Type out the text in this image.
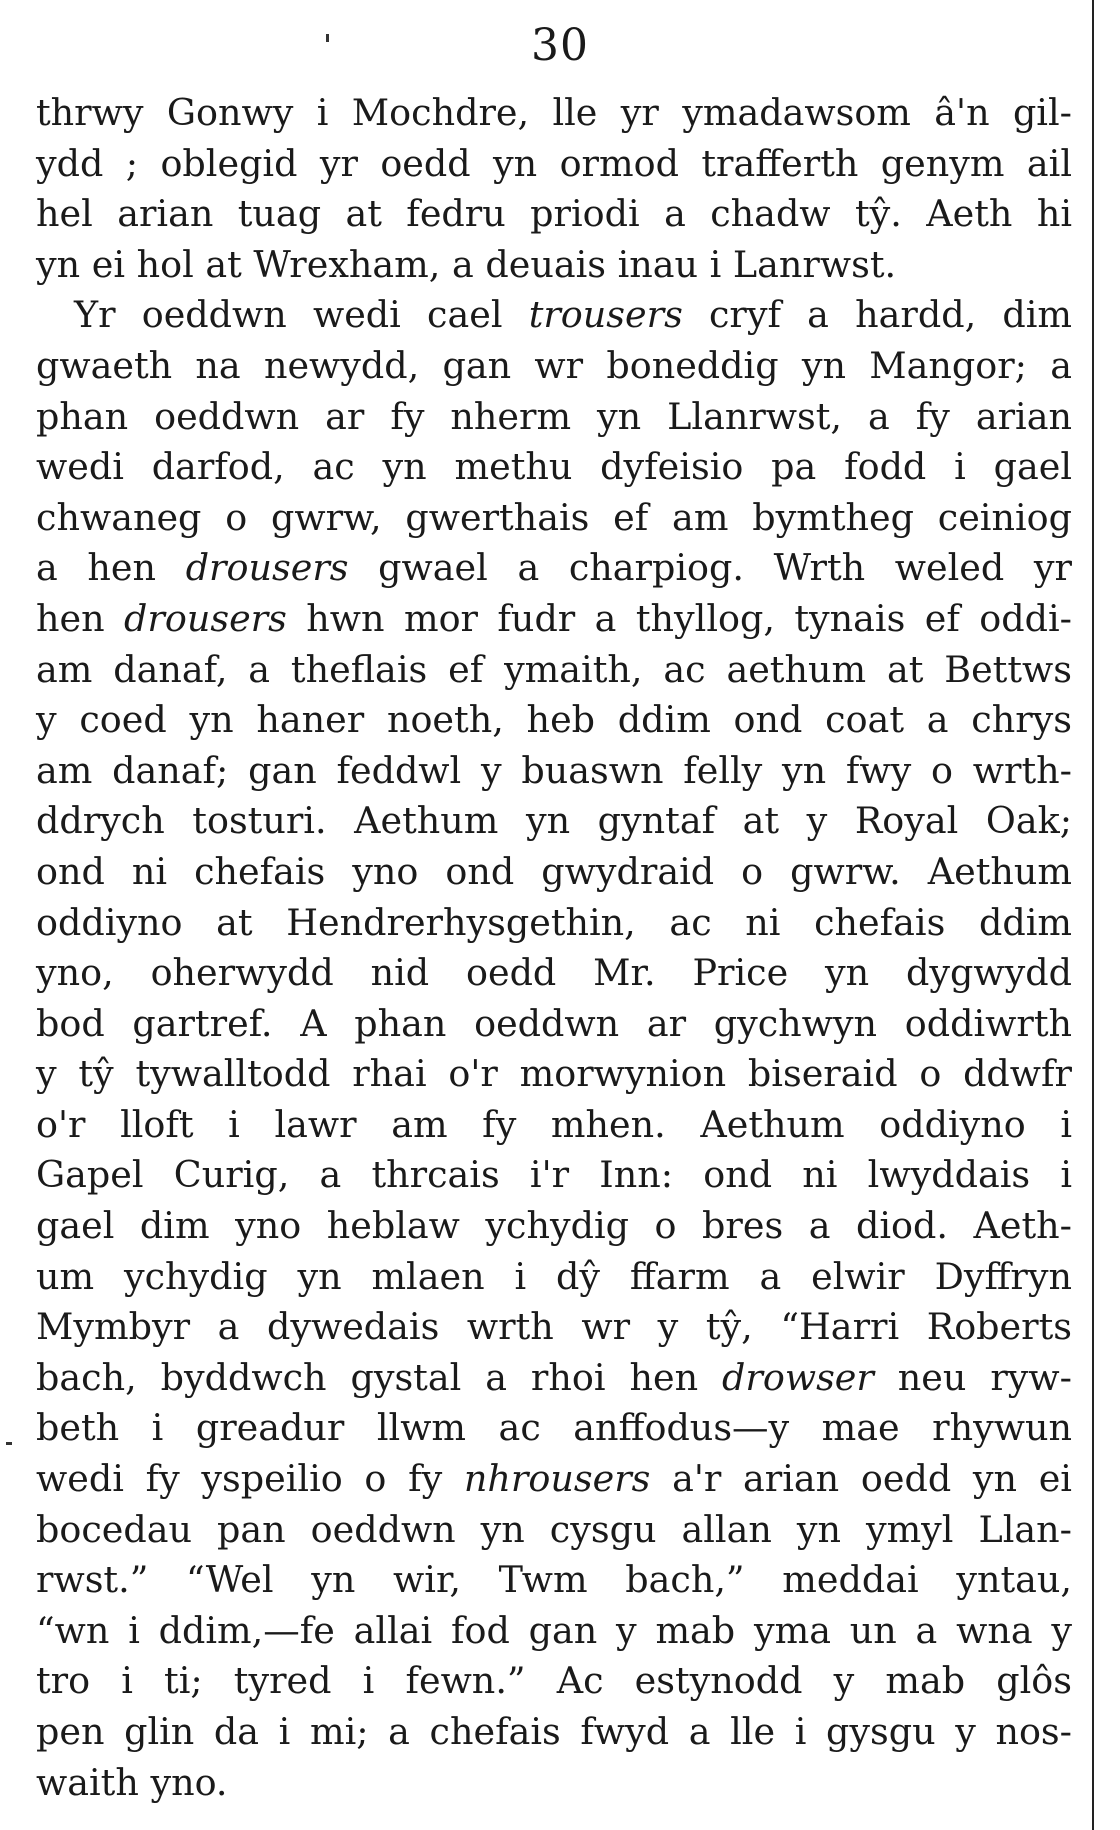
30
thrwy Gonwy i Mochdre, lle yr ymadawsom â'n gil-
ydd ; oblegid yr oedd yn ormod trafferth genym ail
hel arian tuag at fedru priodi a chadw tŷ. Aeth hi
yn ei hol at Wrexham, a deuais inau i Lanrwst.
Yr oeddwn wedi cael trousers cryf a hardd, dim
gwaeth na newydd, gan wr boneddig yn Mangor; a
phan oeddwn ar fy nherm yn Llanrwst, a fy arian
wedi darfod, ac yn methu dyfeisio pa fodd i gael
chwaneg o gwrw, gwerthais ef am bymtheg ceiniog
a hen drousers gwael a charpiog. Wrth weled yr
hen drousers hwn mor fudr a thyllog, tynais ef oddi-
am danaf, a theflais ef ymaith, ac aethum at Bettws
y coed yn haner noeth, heb ddim ond coat a chrys
am danaf; gan feddwl y buaswn felly yn fwy o wrth-
ddrych tosturi. Aethum yn gyntaf at y Royal Oak;
ond ni chefais yno ond gwydraid o gwrw. Aethum
oddiyno at Hendrerhysgethin, ac ni chefais ddim
yno, oherwydd nid oedd Mr. Price yn dygwydd
bod gartref. A phan oeddwn ar gychwyn oddiwrth
y tŷ tywalltodd rhai o'r morwynion biseraid o ddwfr
o'r lloft i lawr am fy mhen. Aethum oddiyno i
Gapel Curig, a thrcais i'r Inn: ond ni lwyddais i
gael dim yno heblaw ychydig o bres a diod. Aeth-
um ychydig yn mlaen i dŷ ffarm a elwir Dyffryn
Mymbyr a dywedais wrth wr y tŷ, “Harri Roberts
bach, byddwch gystal a rhoi hen drowser neu ryw-
beth i greadur llwm ac anffodus—y mae rhywun
wedi fy yspeilio o fy nhrousers a'r arian oedd yn ei
bocedau pan oeddwn yn cysgu allan yn ymyl Llan-
rwst.” “Wel yn wir, Twm bach,” meddai yntau,
“wn i ddim,—fe allai fod gan y mab yma un a wna y
tro i ti; tyred i fewn.” Ac estynodd y mab glôs
pen glin da i mi; a chefais fwyd a lle i gysgu y nos-
waith yno.
